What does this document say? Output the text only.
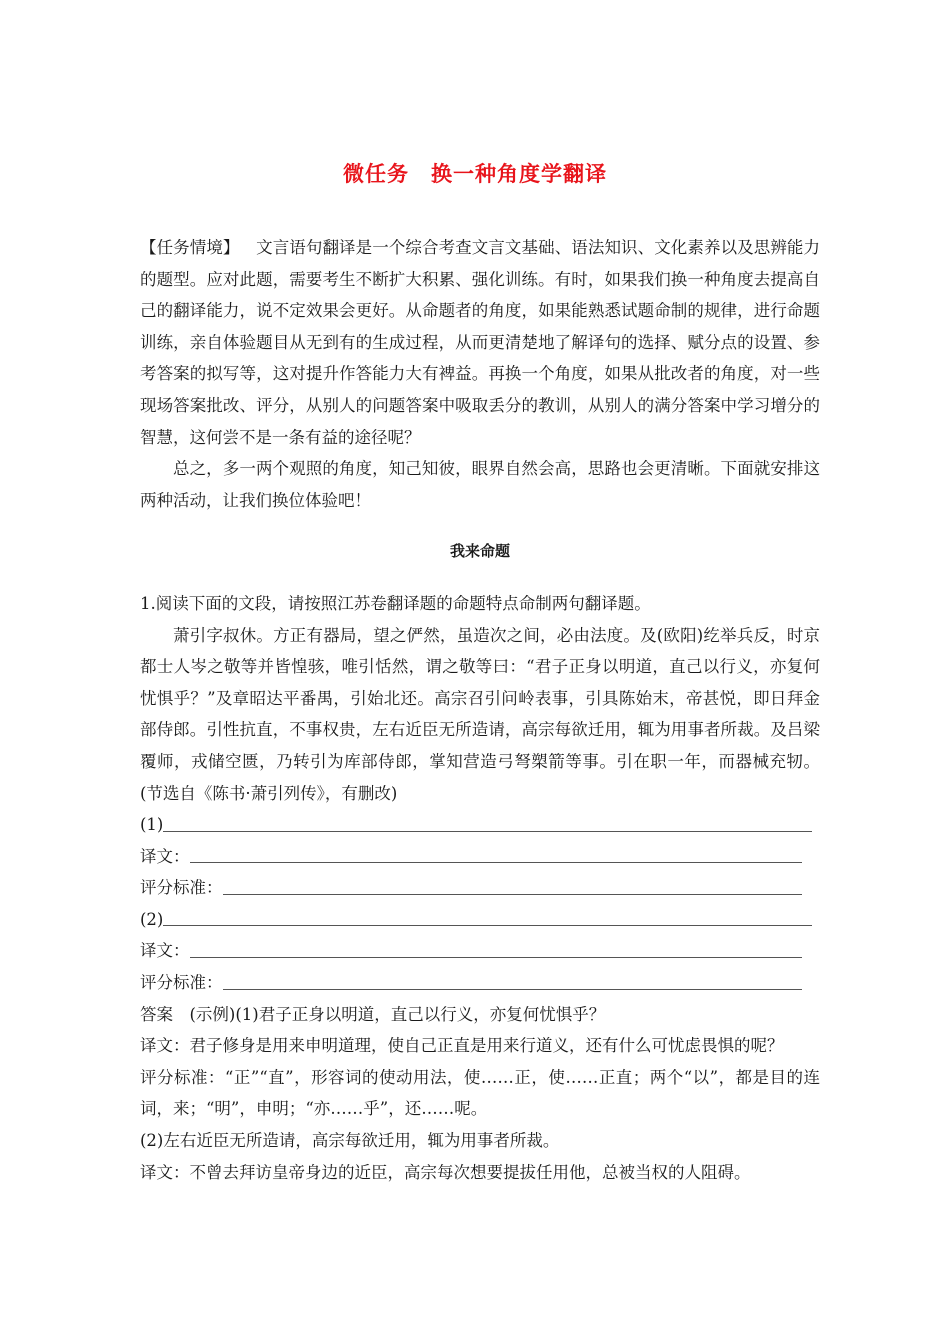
微任务　换一种角度学翻译

【任务情境】  文言语句翻译是一个综合考查文言文基础、语法知识、文化素养以及思辨能力的题型。应对此题，需要考生不断扩大积累、强化训练。有时，如果我们换一种角度去提高自己的翻译能力，说不定效果会更好。从命题者的角度，如果能熟悉试题命制的规律，进行命题训练，亲自体验题目从无到有的生成过程，从而更清楚地了解译句的选择、赋分点的设置、参考答案的拟写等，这对提升作答能力大有裨益。再换一个角度，如果从批改者的角度，对一些现场答案批改、评分，从别人的问题答案中吸取丢分的教训，从别人的满分答案中学习增分的智慧，这何尝不是一条有益的途径呢？

总之，多一两个观照的角度，知己知彼，眼界自然会高，思路也会更清晰。下面就安排这两种活动，让我们换位体验吧！

我来命题

1.阅读下面的文段，请按照江苏卷翻译题的命题特点命制两句翻译题。

萧引字叔休。方正有器局，望之俨然，虽造次之间，必由法度。及(欧阳)纥举兵反，时京都士人岑之敬等并皆惶骇，唯引恬然，谓之敬等曰：“君子正身以明道，直己以行义，亦复何忧惧乎？”及章昭达平番禺，引始北还。高宗召引问岭表事，引具陈始末，帝甚悦，即日拜金部侍郎。引性抗直，不事权贵，左右近臣无所造请，高宗每欲迁用，辄为用事者所裁。及吕梁覆师，戎储空匮，乃转引为库部侍郎，掌知营造弓弩槊箭等事。引在职一年，而器械充牣。(节选自《陈书·萧引列传》，有删改)

(1)
译文：
评分标准：
(2)
译文：
评分标准：

答案　(示例)(1)君子正身以明道，直己以行义，亦复何忧惧乎？

译文：君子修身是用来申明道理，使自己正直是用来行道义，还有什么可忧虑畏惧的呢？

评分标准：“正”“直”，形容词的使动用法，使……正，使……正直；两个“以”，都是目的连词，来；“明”，申明；“亦……乎”，还……呢。

(2)左右近臣无所造请，高宗每欲迁用，辄为用事者所裁。

译文：不曾去拜访皇帝身边的近臣，高宗每次想要提拔任用他，总被当权的人阻碍。
